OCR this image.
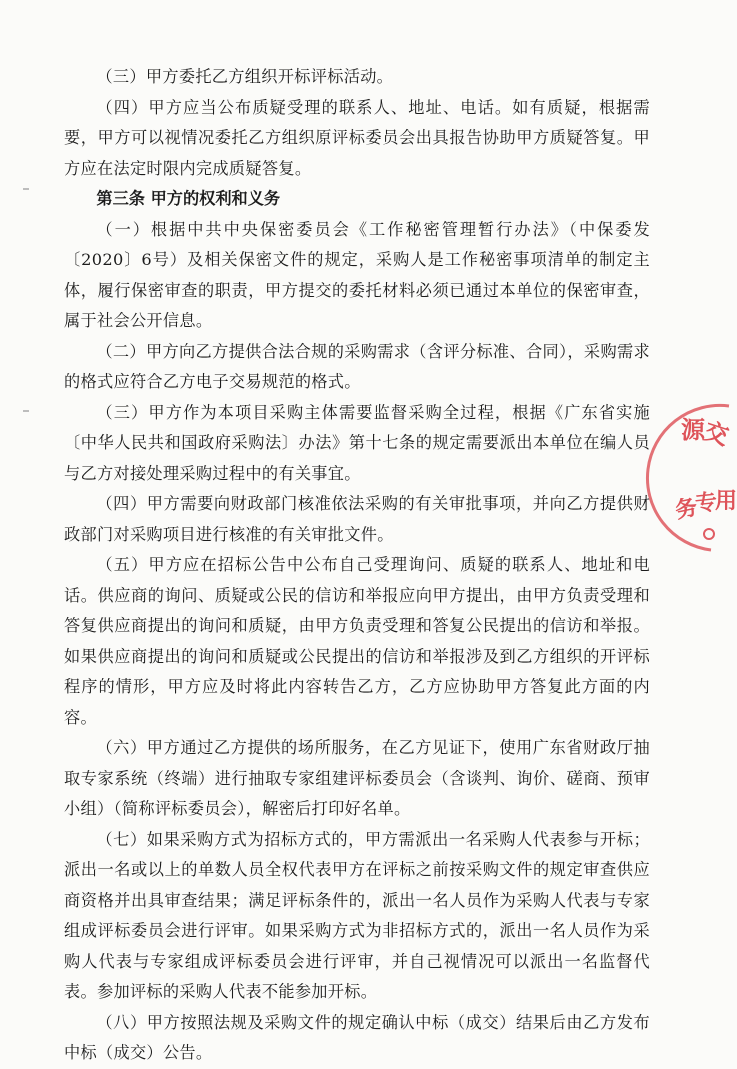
（三）甲方委托乙方组织开标评标活动。

（四）甲方应当公布质疑受理的联系人、地址、电话。如有质疑，根据需要，甲方可以视情况委托乙方组织原评标委员会出具报告协助甲方质疑答复。甲方应在法定时限内完成质疑答复。

第三条 甲方的权利和义务

（一）根据中共中央保密委员会《工作秘密管理暂行办法》（中保委发〔2020〕6号）及相关保密文件的规定，采购人是工作秘密事项清单的制定主体，履行保密审查的职责，甲方提交的委托材料必须已通过本单位的保密审查，属于社会公开信息。

（二）甲方向乙方提供合法合规的采购需求（含评分标准、合同），采购需求的格式应符合乙方电子交易规范的格式。

（三）甲方作为本项目采购主体需要监督采购全过程，根据《广东省实施〔中华人民共和国政府采购法〕办法》第十七条的规定需要派出本单位在编人员与乙方对接处理采购过程中的有关事宜。

（四）甲方需要向财政部门核准依法采购的有关审批事项，并向乙方提供财政部门对采购项目进行核准的有关审批文件。

（五）甲方应在招标公告中公布自己受理询问、质疑的联系人、地址和电话。供应商的询问、质疑或公民的信访和举报应向甲方提出，由甲方负责受理和答复供应商提出的询问和质疑，由甲方负责受理和答复公民提出的信访和举报。如果供应商提出的询问和质疑或公民提出的信访和举报涉及到乙方组织的开评标程序的情形，甲方应及时将此内容转告乙方，乙方应协助甲方答复此方面的内容。

（六）甲方通过乙方提供的场所服务，在乙方见证下，使用广东省财政厅抽取专家系统（终端）进行抽取专家组建评标委员会（含谈判、询价、磋商、预审小组）（简称评标委员会），解密后打印好名单。

（七）如果采购方式为招标方式的，甲方需派出一名采购人代表参与开标；派出一名或以上的单数人员全权代表甲方在评标之前按采购文件的规定审查供应商资格并出具审查结果；满足评标条件的，派出一名人员作为采购人代表与专家组成评标委员会进行评审。如果采购方式为非招标方式的，派出一名人员作为采购人代表与专家组成评标委员会进行评审，并自己视情况可以派出一名监督代表。参加评标的采购人代表不能参加开标。

（八）甲方按照法规及采购文件的规定确认中标（成交）结果后由乙方发布中标（成交）公告。

源
交
务
专
用
